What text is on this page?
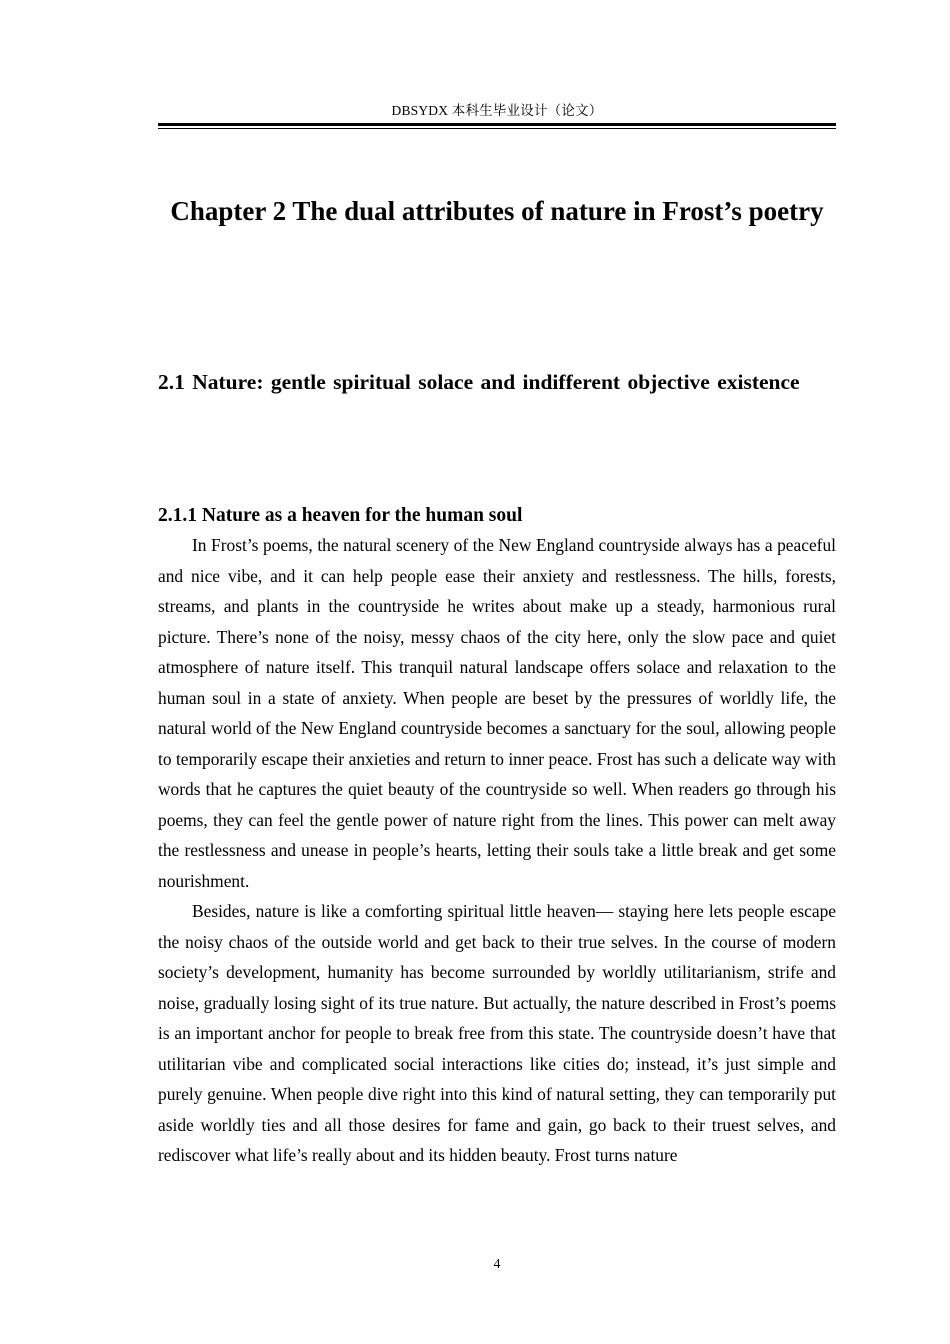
DBSYDX 本科生毕业设计（论文）
Chapter 2 The dual attributes of nature in Frost’s poetry
2.1 Nature: gentle spiritual solace and indifferent objective existence
2.1.1 Nature as a heaven for the human soul

In Frost’s poems, the natural scenery of the New England countryside always has a peaceful and nice vibe, and it can help people ease their anxiety and restlessness. The hills, forests, streams, and plants in the countryside he writes about make up a steady, harmonious rural picture. There’s none of the noisy, messy chaos of the city here, only the slow pace and quiet atmosphere of nature itself. This tranquil natural landscape offers solace and relaxation to the human soul in a state of anxiety. When people are beset by the pressures of worldly life, the natural world of the New England countryside becomes a sanctuary for the soul, allowing people to temporarily escape their anxieties and return to inner peace. Frost has such a delicate way with words that he captures the quiet beauty of the countryside so well. When readers go through his poems, they can feel the gentle power of nature right from the lines. This power can melt away the restlessness and unease in people’s hearts, letting their souls take a little break and get some nourishment.

Besides, nature is like a comforting spiritual little heaven— staying here lets people escape the noisy chaos of the outside world and get back to their true selves. In the course of modern society’s development, humanity has become surrounded by worldly utilitarianism, strife and noise, gradually losing sight of its true nature. But actually, the nature described in Frost’s poems is an important anchor for people to break free from this state. The countryside doesn’t have that utilitarian vibe and complicated social interactions like cities do; instead, it’s just simple and purely genuine. When people dive right into this kind of natural setting, they can temporarily put aside worldly ties and all those desires for fame and gain, go back to their truest selves, and rediscover what life’s really about and its hidden beauty. Frost turns nature

4
